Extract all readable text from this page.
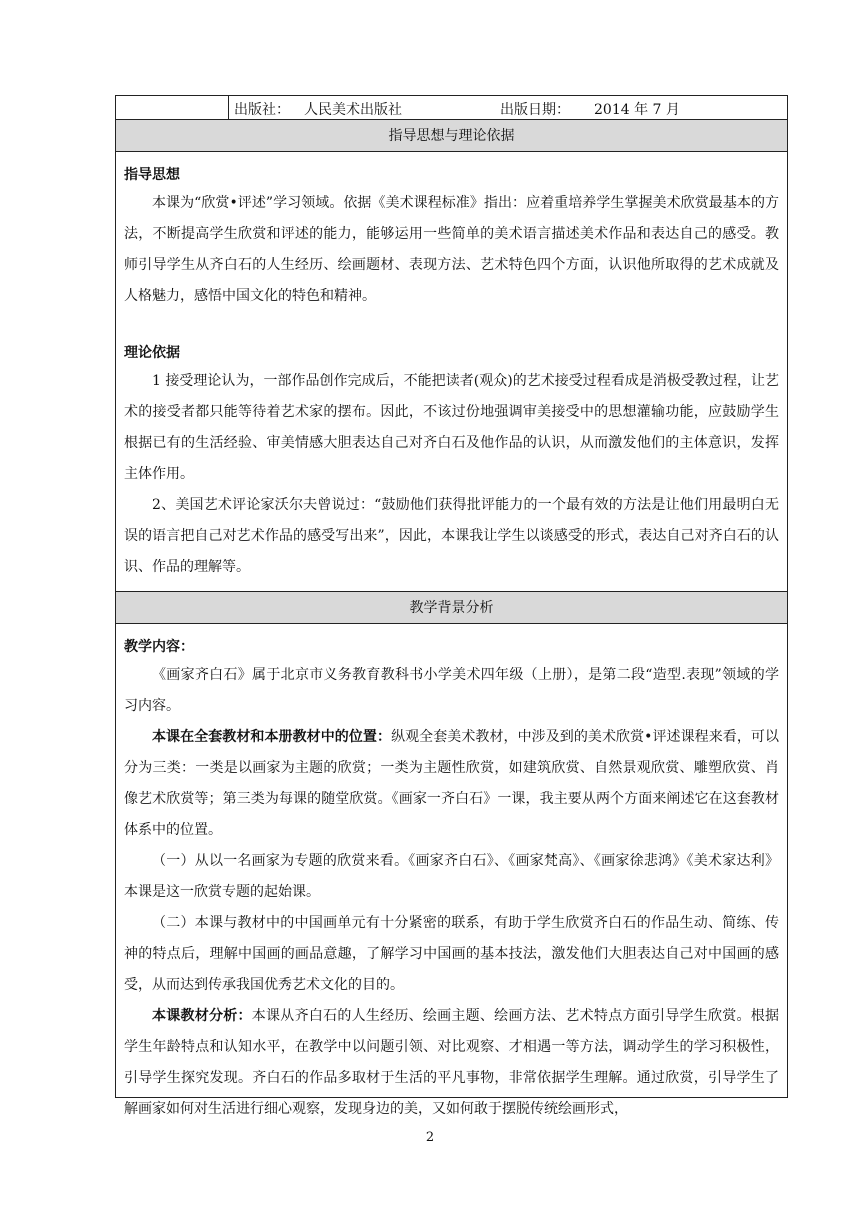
出版社： 人民美术出版社	出版日期： 2014 年 7 月
指导思想与理论依据

指导思想

本课为“欣赏•评述”学习领域。依据《美术课程标准》指出：应着重培养学生掌握美术欣赏最基本的方法，不断提高学生欣赏和评述的能力，能够运用一些简单的美术语言描述美术作品和表达自己的感受。教师引导学生从齐白石的人生经历、绘画题材、表现方法、艺术特色四个方面，认识他所取得的艺术成就及人格魅力，感悟中国文化的特色和精神。

理论依据

1 接受理论认为，一部作品创作完成后，不能把读者(观众)的艺术接受过程看成是消极受教过程，让艺术的接受者都只能等待着艺术家的摆布。因此，不该过份地强调审美接受中的思想灌输功能，应鼓励学生根据已有的生活经验、审美情感大胆表达自己对齐白石及他作品的认识，从而激发他们的主体意识，发挥主体作用。

2、美国艺术评论家沃尔夫曾说过：“鼓励他们获得批评能力的一个最有效的方法是让他们用最明白无误的语言把自己对艺术作品的感受写出来”，因此，本课我让学生以谈感受的形式，表达自己对齐白石的认识、作品的理解等。

教学背景分析

教学内容：

《画家齐白石》属于北京市义务教育教科书小学美术四年级（上册），是第二段“造型.表现”领域的学习内容。

本课在全套教材和本册教材中的位置：纵观全套美术教材，中涉及到的美术欣赏•评述课程来看，可以分为三类：一类是以画家为主题的欣赏；一类为主题性欣赏，如建筑欣赏、自然景观欣赏、雕塑欣赏、肖像艺术欣赏等；第三类为每课的随堂欣赏。《画家一齐白石》一课，我主要从两个方面来阐述它在这套教材体系中的位置。

（一）从以一名画家为专题的欣赏来看。《画家齐白石》、《画家梵高》、《画家徐悲鸿》《美术家达利》本课是这一欣赏专题的起始课。

（二）本课与教材中的中国画单元有十分紧密的联系，有助于学生欣赏齐白石的作品生动、简练、传神的特点后，理解中国画的画品意趣，了解学习中国画的基本技法，激发他们大胆表达自己对中国画的感受，从而达到传承我国优秀艺术文化的目的。

本课教材分析：本课从齐白石的人生经历、绘画主题、绘画方法、艺术特点方面引导学生欣赏。根据学生年龄特点和认知水平，在教学中以问题引领、对比观察、才相遇一等方法，调动学生的学习积极性，引导学生探究发现。齐白石的作品多取材于生活的平凡事物，非常依据学生理解。通过欣赏，引导学生了解画家如何对生活进行细心观察，发现身边的美，又如何敢于摆脱传统绘画形式，

2
